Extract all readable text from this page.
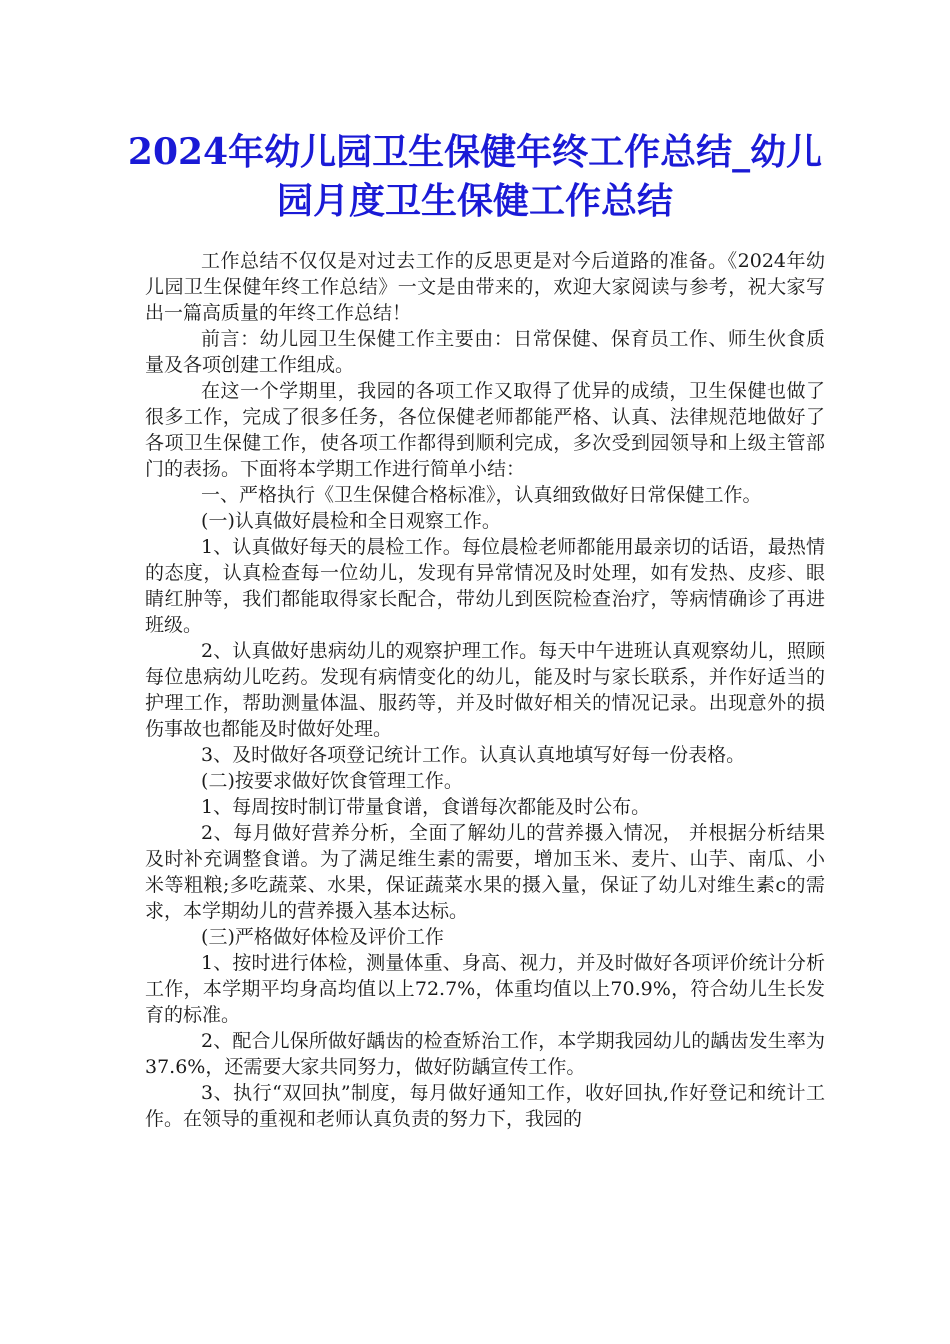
2024年幼儿园卫生保健年终工作总结_幼儿园月度卫生保健工作总结

工作总结不仅仅是对过去工作的反思更是对今后道路的准备。《2024年幼儿园卫生保健年终工作总结》一文是由带来的，欢迎大家阅读与参考，祝大家写出一篇高质量的年终工作总结！

前言：幼儿园卫生保健工作主要由：日常保健、保育员工作、师生伙食质量及各项创建工作组成。

在这一个学期里，我园的各项工作又取得了优异的成绩，卫生保健也做了很多工作，完成了很多任务，各位保健老师都能严格、认真、法律规范地做好了各项卫生保健工作，使各项工作都得到顺利完成，多次受到园领导和上级主管部门的表扬。下面将本学期工作进行简单小结：

一、严格执行《卫生保健合格标准》，认真细致做好日常保健工作。

(一)认真做好晨检和全日观察工作。

1、认真做好每天的晨检工作。每位晨检老师都能用最亲切的话语，最热情的态度，认真检查每一位幼儿，发现有异常情况及时处理，如有发热、皮疹、眼睛红肿等，我们都能取得家长配合，带幼儿到医院检查治疗，等病情确诊了再进班级。

2、认真做好患病幼儿的观察护理工作。每天中午进班认真观察幼儿，照顾每位患病幼儿吃药。发现有病情变化的幼儿，能及时与家长联系，并作好适当的护理工作，帮助测量体温、服药等，并及时做好相关的情况记录。出现意外的损伤事故也都能及时做好处理。

3、及时做好各项登记统计工作。认真认真地填写好每一份表格。

(二)按要求做好饮食管理工作。

1、每周按时制订带量食谱，食谱每次都能及时公布。

2、每月做好营养分析，全面了解幼儿的营养摄入情况， 并根据分析结果及时补充调整食谱。为了满足维生素的需要，增加玉米、麦片、山芋、南瓜、小米等粗粮;多吃蔬菜、水果，保证蔬菜水果的摄入量，保证了幼儿对维生素c的需求，本学期幼儿的营养摄入基本达标。

(三)严格做好体检及评价工作

1、按时进行体检，测量体重、身高、视力，并及时做好各项评价统计分析工作，本学期平均身高均值以上72.7%，体重均值以上70.9%，符合幼儿生长发育的标准。

2、配合儿保所做好龋齿的检查矫治工作，本学期我园幼儿的龋齿发生率为37.6%，还需要大家共同努力，做好防龋宣传工作。

3、执行“双回执”制度，每月做好通知工作，收好回执,作好登记和统计工作。在领导的重视和老师认真负责的努力下，我园的
